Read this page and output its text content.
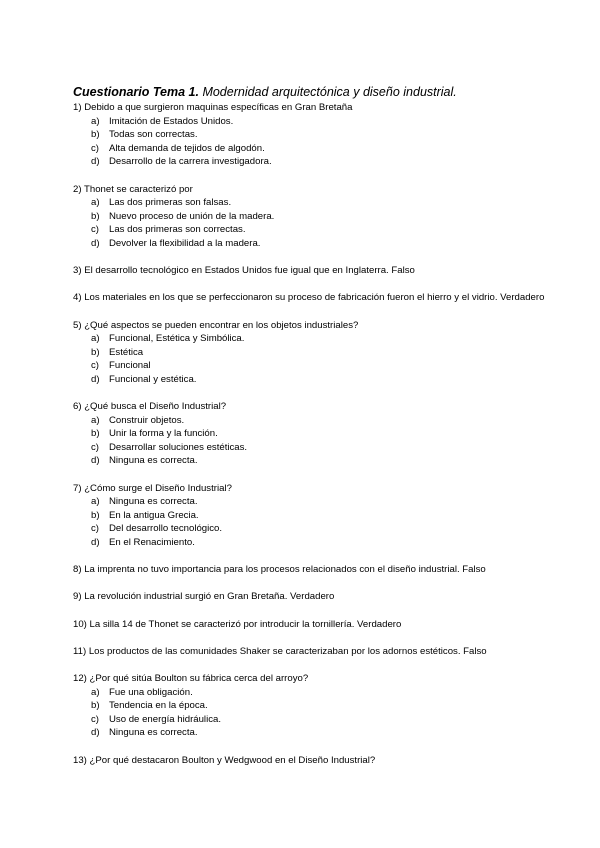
Cuestionario Tema 1. Modernidad arquitectónica y diseño industrial.

1) Debido a que surgieron maquinas específicas en Gran Bretaña

a) Imitación de Estados Unidos.
b) Todas son correctas.
c)	Alta demanda de tejidos de algodón.
d) Desarrollo de la carrera investigadora.

2) Thonet se caracterizó por

a) Las dos primeras son falsas.
b) Nuevo proceso de unión de la madera.
c)	Las dos primeras son correctas.
d) Devolver la flexibilidad a la madera.

3) El desarrollo tecnológico en Estados Unidos fue igual que en Inglaterra. Falso

4) Los materiales en los que se perfeccionaron su proceso de fabricación fueron el hierro y el vidrio. Verdadero

5) ¿Qué aspectos se pueden encontrar en los objetos industriales?

a) Funcional, Estética y Simbólica.
b) Estética
c)	Funcional
d) Funcional y estética.

6) ¿Qué busca el Diseño Industrial?

a) Construir objetos.
b) Unir la forma y la función.
c)	Desarrollar soluciones estéticas.
d) Ninguna es correcta.

7) ¿Cómo surge el Diseño Industrial?

a) Ninguna es correcta.
b) En la antigua Grecia.
c)	Del desarrollo tecnológico.
d) En el Renacimiento.

8) La imprenta no tuvo importancia para los procesos relacionados con el diseño industrial. Falso

9) La revolución industrial surgió en Gran Bretaña. Verdadero

10) La silla 14 de Thonet se caracterizó por introducir la tornillería. Verdadero

11) Los productos de las comunidades Shaker se caracterizaban por los adornos estéticos. Falso

12) ¿Por qué sitúa Boulton su fábrica cerca del arroyo?

a) Fue una obligación.
b) Tendencia en la época.
c)	Uso de energía hidráulica.
d) Ninguna es correcta.

13) ¿Por qué destacaron Boulton y Wedgwood en el Diseño Industrial?
